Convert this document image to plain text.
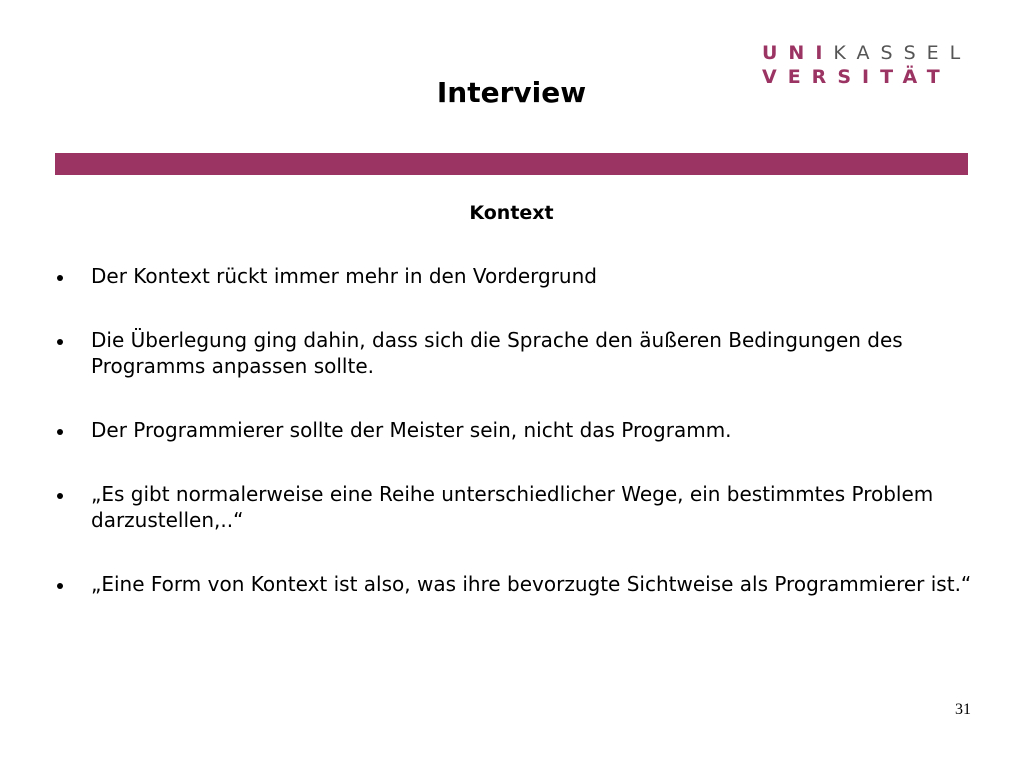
UNIKASSEL
VERSITÄT
Interview
Kontext
Der Kontext rückt immer mehr in den Vordergrund
Die Überlegung ging dahin, dass sich die Sprache den äußeren Bedingungen des Programms anpassen sollte.
Der Programmierer sollte der Meister sein, nicht das Programm.
„Es gibt normalerweise eine Reihe unterschiedlicher Wege, ein bestimmtes Problem darzustellen,..“
„Eine Form von Kontext ist also, was ihre bevorzugte Sichtweise als Programmierer ist.“
31
